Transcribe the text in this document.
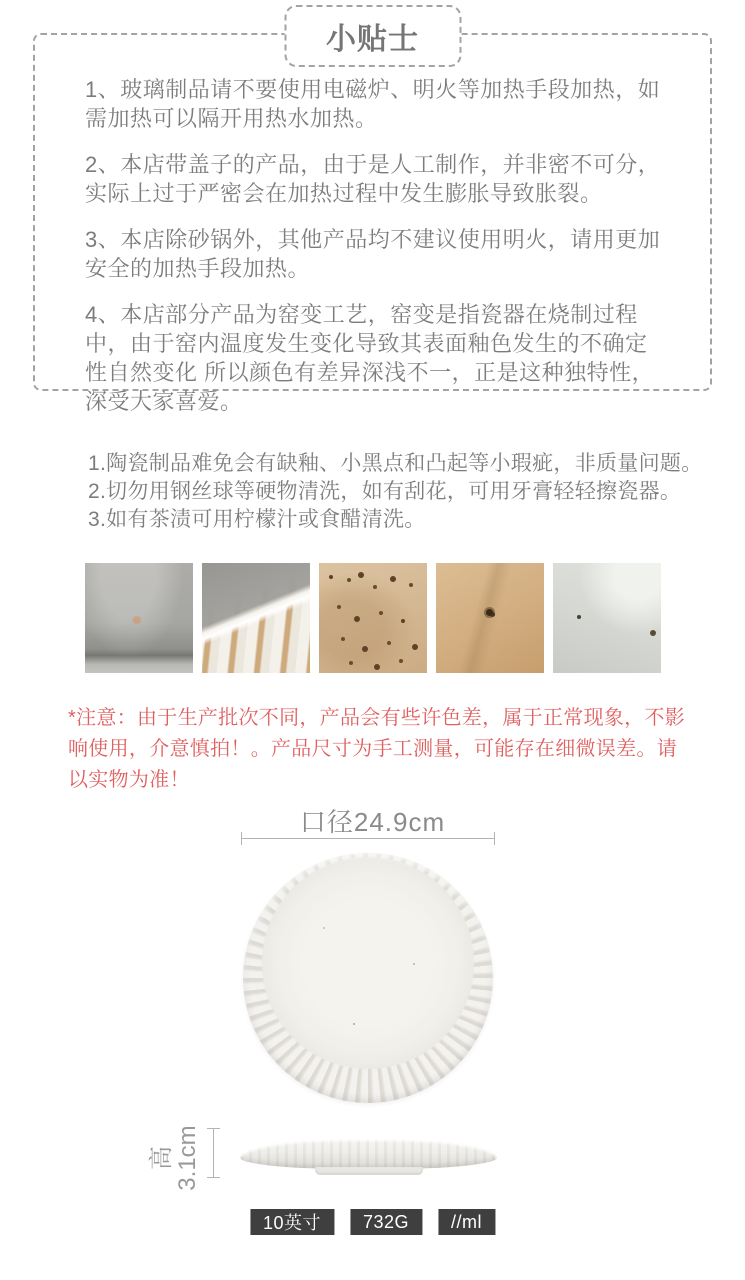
小贴士

1、玻璃制品请不要使用电磁炉、明火等加热手段加热，如需加热可以隔开用热水加热。

2、本店带盖子的产品，由于是人工制作，并非密不可分，实际上过于严密会在加热过程中发生膨胀导致胀裂。

3、本店除砂锅外，其他产品均不建议使用明火，请用更加安全的加热手段加热。

4、本店部分产品为窑变工艺，窑变是指瓷器在烧制过程中，由于窑内温度发生变化导致其表面釉色发生的不确定性自然变化 所以颜色有差异深浅不一，正是这种独特性，深受大家喜爱。

1.陶瓷制品难免会有缺釉、小黑点和凸起等小瑕疵，非质量问题。

2.切勿用钢丝球等硬物清洗，如有刮花，可用牙膏轻轻擦瓷器。

3.如有茶渍可用柠檬汁或食醋清洗。

*注意：由于生产批次不同，产品会有些许色差，属于正常现象，不影响使用，介意慎拍！。产品尺寸为手工测量，可能存在细微误差。请以实物为准！

口径24.9cm
高 3.1cm
10英寸	732G	//ml
